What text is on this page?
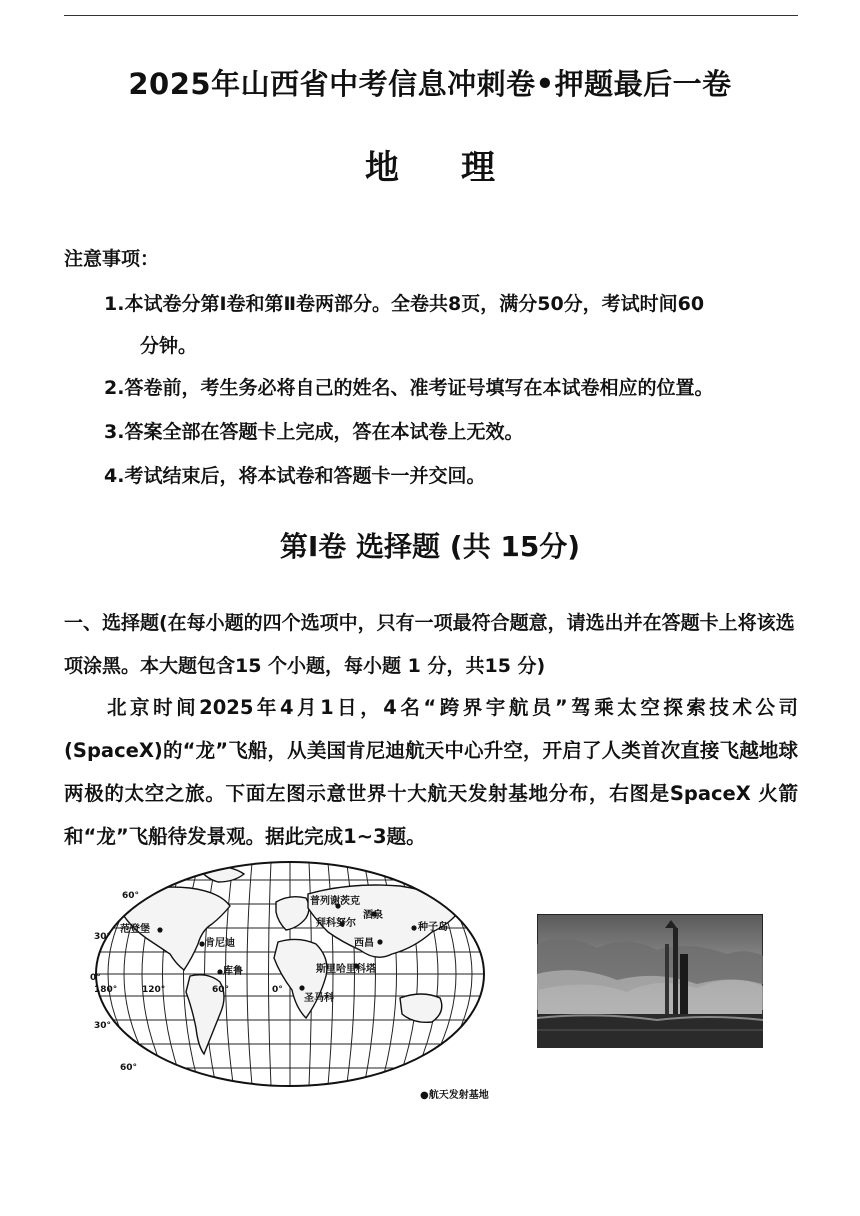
2025年山西省中考信息冲刺卷•押题最后一卷
地理
注意事项：
1.本试卷分第Ⅰ卷和第Ⅱ卷两部分。全卷共8页，满分50分，考试时间60
分钟。
2.答卷前，考生务必将自己的姓名、准考证号填写在本试卷相应的位置。
3.答案全部在答题卡上完成，答在本试卷上无效。
4.考试结束后，将本试卷和答题卡一并交回。
第Ⅰ卷 选择题 (共 15分)
一、选择题(在每小题的四个选项中，只有一项最符合题意，请选出并在答题卡上将该选项涂黑。本大题包含15 个小题，每小题 1 分，共15 分)
北京时间2025年4月1日，4名“跨界宇航员”驾乘太空探索技术公司 (SpaceX)的“龙”飞船，从美国肯尼迪航天中心升空，开启了人类首次直接飞越地球两极的太空之旅。下面左图示意世界十大航天发射基地分布，右图是SpaceX 火箭和“龙”飞船待发景观。据此完成1~3题。
60°
30°
0°
30°
60°
180°	120°	60°	0°
范登堡
肯尼迪
库鲁
普列谢茨克
拜科努尔
酒泉
种子岛
西昌
斯里哈里科塔
圣马科
●航天发射基地
